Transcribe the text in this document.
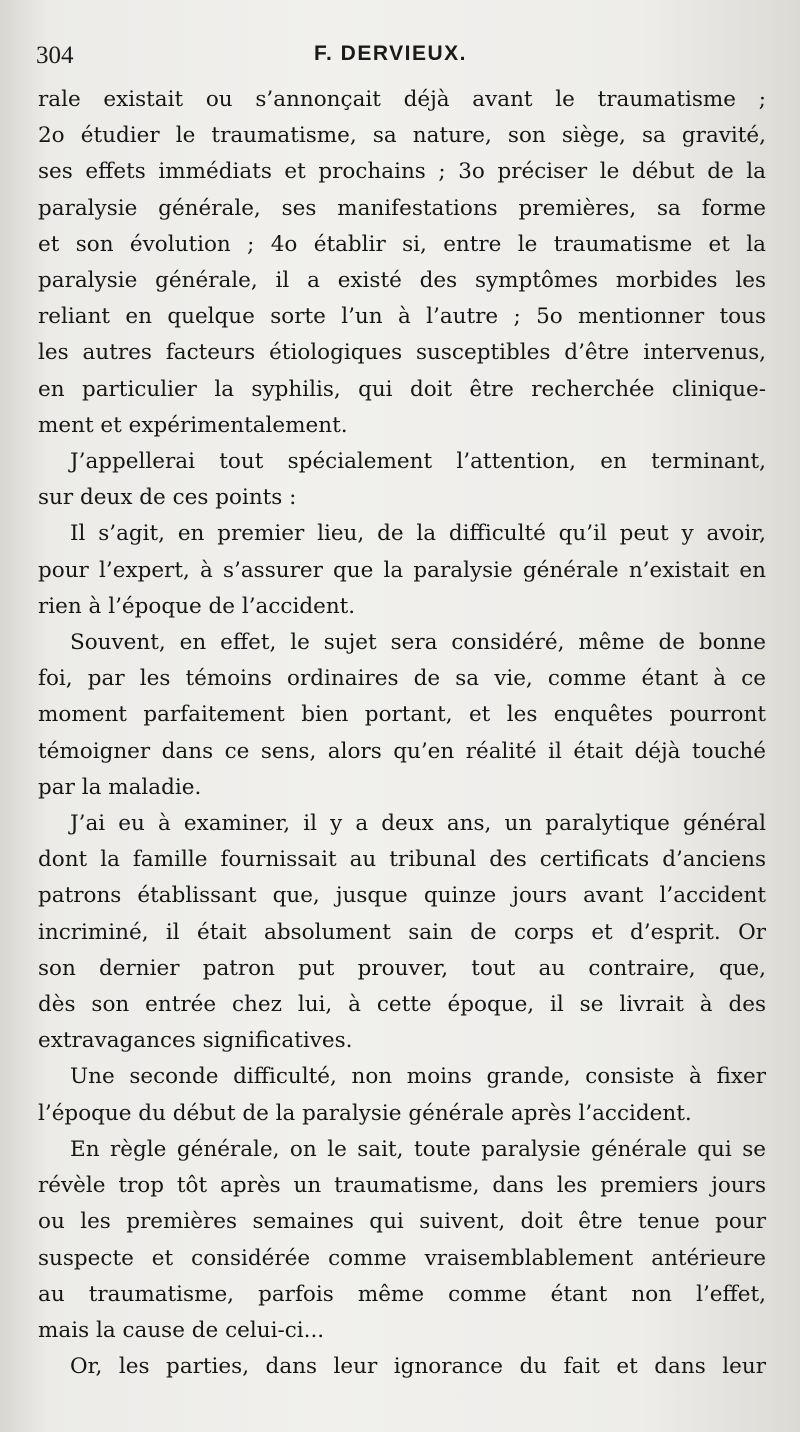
304	F. DERVIEUX.
rale existait ou s’annonçait déjà avant le traumatisme ;
2o étudier le traumatisme, sa nature, son siège, sa gravité,
ses effets immédiats et prochains ; 3o préciser le début de la
paralysie générale, ses manifestations premières, sa forme
et son évolution ; 4o établir si, entre le traumatisme et la
paralysie générale, il a existé des symptômes morbides les
reliant en quelque sorte l’un à l’autre ; 5o mentionner tous
les autres facteurs étiologiques susceptibles d’être intervenus,
en particulier la syphilis, qui doit être recherchée clinique-
ment et expérimentalement.
J’appellerai tout spécialement l’attention, en terminant,
sur deux de ces points :
Il s’agit, en premier lieu, de la difficulté qu’il peut y avoir,
pour l’expert, à s’assurer que la paralysie générale n’existait en
rien à l’époque de l’accident.
Souvent, en effet, le sujet sera considéré, même de bonne
foi, par les témoins ordinaires de sa vie, comme étant à ce
moment parfaitement bien portant, et les enquêtes pourront
témoigner dans ce sens, alors qu’en réalité il était déjà touché
par la maladie.
J’ai eu à examiner, il y a deux ans, un paralytique général
dont la famille fournissait au tribunal des certificats d’anciens
patrons établissant que, jusque quinze jours avant l’accident
incriminé, il était absolument sain de corps et d’esprit. Or
son dernier patron put prouver, tout au contraire, que,
dès son entrée chez lui, à cette époque, il se livrait à des
extravagances significatives.
Une seconde difficulté, non moins grande, consiste à fixer
l’époque du début de la paralysie générale après l’accident.
En règle générale, on le sait, toute paralysie générale qui se
révèle trop tôt après un traumatisme, dans les premiers jours
ou les premières semaines qui suivent, doit être tenue pour
suspecte et considérée comme vraisemblablement antérieure
au traumatisme, parfois même comme étant non l’effet,
mais la cause de celui-ci...
Or, les parties, dans leur ignorance du fait et dans leur
